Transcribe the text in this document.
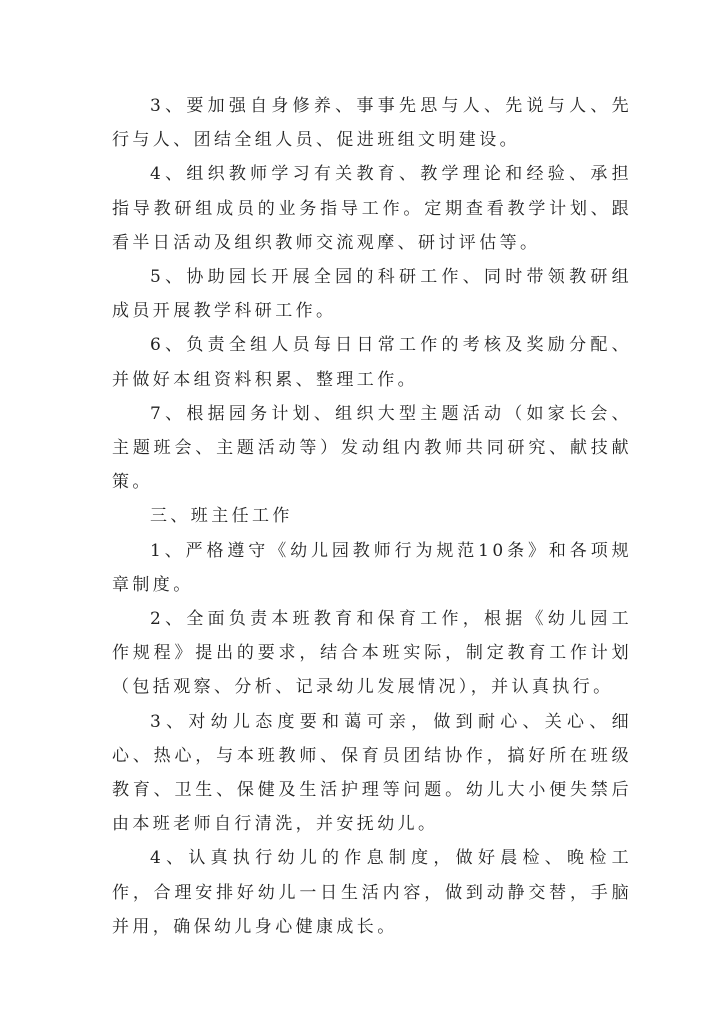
3、要加强自身修养、事事先思与人、先说与人、先行与人、团结全组人员、促进班组文明建设。

4、组织教师学习有关教育、教学理论和经验、承担指导教研组成员的业务指导工作。定期查看教学计划、跟看半日活动及组织教师交流观摩、研讨评估等。

5、协助园长开展全园的科研工作、同时带领教研组成员开展教学科研工作。

6、负责全组人员每日日常工作的考核及奖励分配、并做好本组资料积累、整理工作。

7、根据园务计划、组织大型主题活动（如家长会、主题班会、主题活动等）发动组内教师共同研究、献技献策。

三、班主任工作

1、严格遵守《幼儿园教师行为规范10条》和各项规章制度。

2、全面负责本班教育和保育工作，根据《幼儿园工作规程》提出的要求，结合本班实际，制定教育工作计划（包括观察、分析、记录幼儿发展情况），并认真执行。

3、对幼儿态度要和蔼可亲，做到耐心、关心、细心、热心，与本班教师、保育员团结协作，搞好所在班级教育、卫生、保健及生活护理等问题。幼儿大小便失禁后由本班老师自行清洗，并安抚幼儿。

4、认真执行幼儿的作息制度，做好晨检、晚检工作，合理安排好幼儿一日生活内容，做到动静交替，手脑并用，确保幼儿身心健康成长。
